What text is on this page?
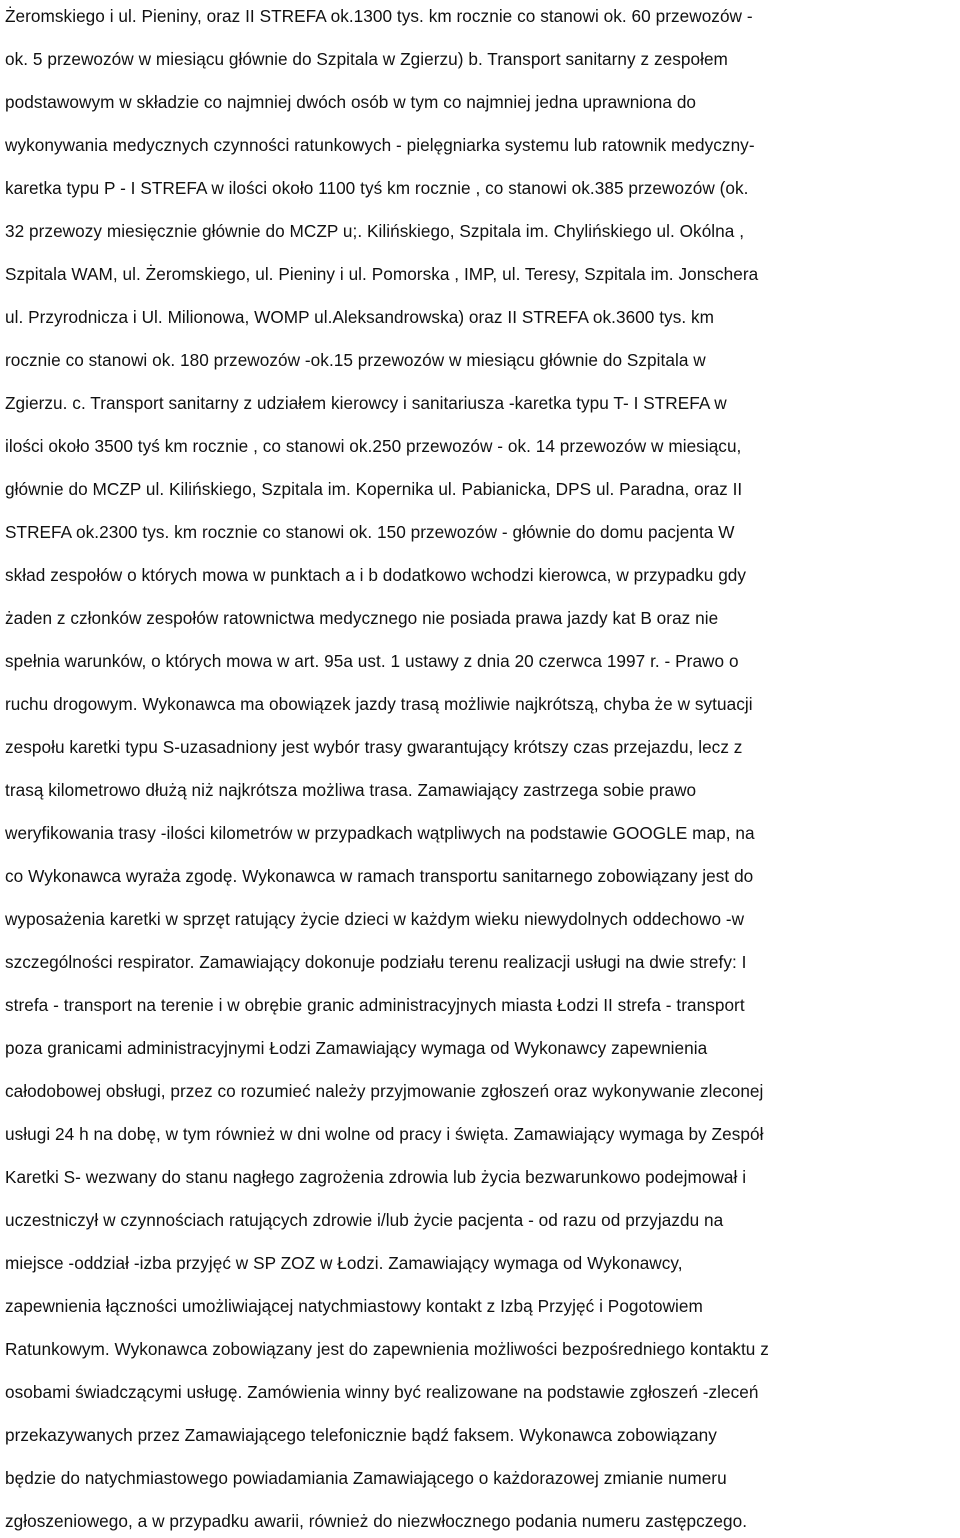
Żeromskiego i ul. Pieniny, oraz II STREFA ok.1300 tys. km rocznie co stanowi ok. 60 przewozów -
ok. 5 przewozów w miesiącu głównie do Szpitala w Zgierzu) b. Transport sanitarny z zespołem
podstawowym w składzie co najmniej dwóch osób w tym co najmniej jedna uprawniona do
wykonywania medycznych czynności ratunkowych - pielęgniarka systemu lub ratownik medyczny-
karetka typu P - I STREFA w ilości około 1100 tyś km rocznie , co stanowi ok.385 przewozów (ok.
32 przewozy miesięcznie głównie do MCZP u;. Kilińskiego, Szpitala im. Chylińskiego ul. Okólna ,
Szpitala WAM, ul. Żeromskiego, ul. Pieniny i ul. Pomorska , IMP, ul. Teresy, Szpitala im. Jonschera
ul. Przyrodnicza i Ul. Milionowa, WOMP ul.Aleksandrowska) oraz II STREFA ok.3600 tys. km
rocznie co stanowi ok. 180 przewozów -ok.15 przewozów w miesiącu głównie do Szpitala w
Zgierzu. c. Transport sanitarny z udziałem kierowcy i sanitariusza -karetka typu T- I STREFA w
ilości około 3500 tyś km rocznie , co stanowi ok.250 przewozów - ok. 14 przewozów w miesiącu,
głównie do MCZP ul. Kilińskiego, Szpitala im. Kopernika ul. Pabianicka, DPS ul. Paradna, oraz II
STREFA ok.2300 tys. km rocznie co stanowi ok. 150 przewozów - głównie do domu pacjenta W
skład zespołów o których mowa w punktach a i b dodatkowo wchodzi kierowca, w przypadku gdy
żaden z członków zespołów ratownictwa medycznego nie posiada prawa jazdy kat B oraz nie
spełnia warunków, o których mowa w art. 95a ust. 1 ustawy z dnia 20 czerwca 1997 r. - Prawo o
ruchu drogowym. Wykonawca ma obowiązek jazdy trasą możliwie najkrótszą, chyba że w sytuacji
zespołu karetki typu S-uzasadniony jest wybór trasy gwarantujący krótszy czas przejazdu, lecz z
trasą kilometrowo dłużą niż najkrótsza możliwa trasa. Zamawiający zastrzega sobie prawo
weryfikowania trasy -ilości kilometrów w przypadkach wątpliwych na podstawie GOOGLE map, na
co Wykonawca wyraża zgodę. Wykonawca w ramach transportu sanitarnego zobowiązany jest do
wyposażenia karetki w sprzęt ratujący życie dzieci w każdym wieku niewydolnych oddechowo -w
szczególności respirator. Zamawiający dokonuje podziału terenu realizacji usługi na dwie strefy: I
strefa - transport na terenie i w obrębie granic administracyjnych miasta Łodzi II strefa - transport
poza granicami administracyjnymi Łodzi Zamawiający wymaga od Wykonawcy zapewnienia
całodobowej obsługi, przez co rozumieć należy przyjmowanie zgłoszeń oraz wykonywanie zleconej
usługi 24 h na dobę, w tym również w dni wolne od pracy i święta. Zamawiający wymaga by Zespół
Karetki S- wezwany do stanu nagłego zagrożenia zdrowia lub życia bezwarunkowo podejmował i
uczestniczył w czynnościach ratujących zdrowie i/lub życie pacjenta - od razu od przyjazdu na
miejsce -oddział -izba przyjęć w SP ZOZ w Łodzi. Zamawiający wymaga od Wykonawcy,
zapewnienia łączności umożliwiającej natychmiastowy kontakt z Izbą Przyjęć i Pogotowiem
Ratunkowym. Wykonawca zobowiązany jest do zapewnienia możliwości bezpośredniego kontaktu z
osobami świadczącymi usługę. Zamówienia winny być realizowane na podstawie zgłoszeń -zleceń
przekazywanych przez Zamawiającego telefonicznie bądź faksem. Wykonawca zobowiązany
będzie do natychmiastowego powiadamiania Zamawiającego o każdorazowej zmianie numeru
zgłoszeniowego, a w przypadku awarii, również do niezwłocznego podania numeru zastępczego.
